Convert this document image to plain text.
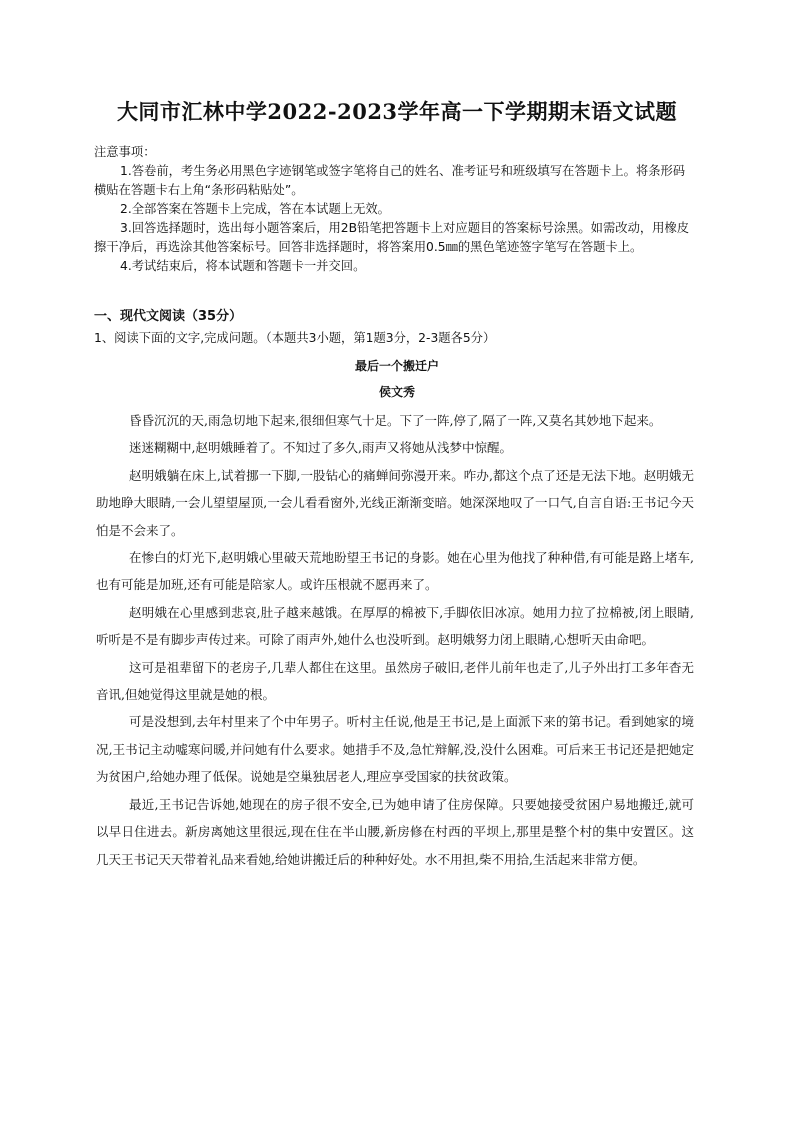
大同市汇林中学2022-2023学年高一下学期期末语文试题

注意事项：

1.答卷前，考生务必用黑色字迹钢笔或签字笔将自己的姓名、准考证号和班级填写在答题卡上。将条形码横贴在答题卡右上角“条形码粘贴处”。

2.全部答案在答题卡上完成，答在本试题上无效。

3.回答选择题时，选出每小题答案后，用2B铅笔把答题卡上对应题目的答案标号涂黑。如需改动，用橡皮擦干净后，再选涂其他答案标号。回答非选择题时，将答案用0.5㎜的黑色笔迹签字笔写在答题卡上。

4.考试结束后，将本试题和答题卡一并交回。

一、现代文阅读（35分）
1、阅读下面的文字,完成问题。（本题共3小题，第1题3分，2-3题各5分）
最后一个搬迁户
侯文秀

昏昏沉沉的天,雨急切地下起来,很细但寒气十足。下了一阵,停了,隔了一阵,又莫名其妙地下起来。

迷迷糊糊中,赵明娥睡着了。不知过了多久,雨声又将她从浅梦中惊醒。

赵明娥躺在床上,试着挪一下脚,一股钻心的痛蝉间弥漫开来。咋办,都这个点了还是无法下地。赵明娥无助地睁大眼睛,一会儿望望屋顶,一会儿看看窗外,光线正渐渐变暗。她深深地叹了一口气,自言自语:王书记今天怕是不会来了。

在惨白的灯光下,赵明娥心里破天荒地盼望王书记的身影。她在心里为他找了种种借,有可能是路上堵车,也有可能是加班,还有可能是陪家人。或许压根就不愿再来了。

赵明娥在心里感到悲哀,肚子越来越饿。在厚厚的棉被下,手脚依旧冰凉。她用力拉了拉棉被,闭上眼睛,听听是不是有脚步声传过来。可除了雨声外,她什么也没听到。赵明娥努力闭上眼睛,心想听天由命吧。

这可是祖辈留下的老房子,几辈人都住在这里。虽然房子破旧,老伴儿前年也走了,儿子外出打工多年杳无音讯,但她觉得这里就是她的根。

可是没想到,去年村里来了个中年男子。听村主任说,他是王书记,是上面派下来的第书记。看到她家的境况,王书记主动嘘寒问暖,并问她有什么要求。她措手不及,急忙辩解,没,没什么困难。可后来王书记还是把她定为贫困户,给她办理了低保。说她是空巢独居老人,理应享受国家的扶贫政策。

最近,王书记告诉她,她现在的房子很不安全,已为她申请了住房保障。只要她接受贫困户易地搬迁,就可以早日住进去。新房离她这里很远,现在住在半山腰,新房修在村西的平坝上,那里是整个村的集中安置区。这几天王书记天天带着礼品来看她,给她讲搬迁后的种种好处。水不用担,柴不用拾,生活起来非常方便。
